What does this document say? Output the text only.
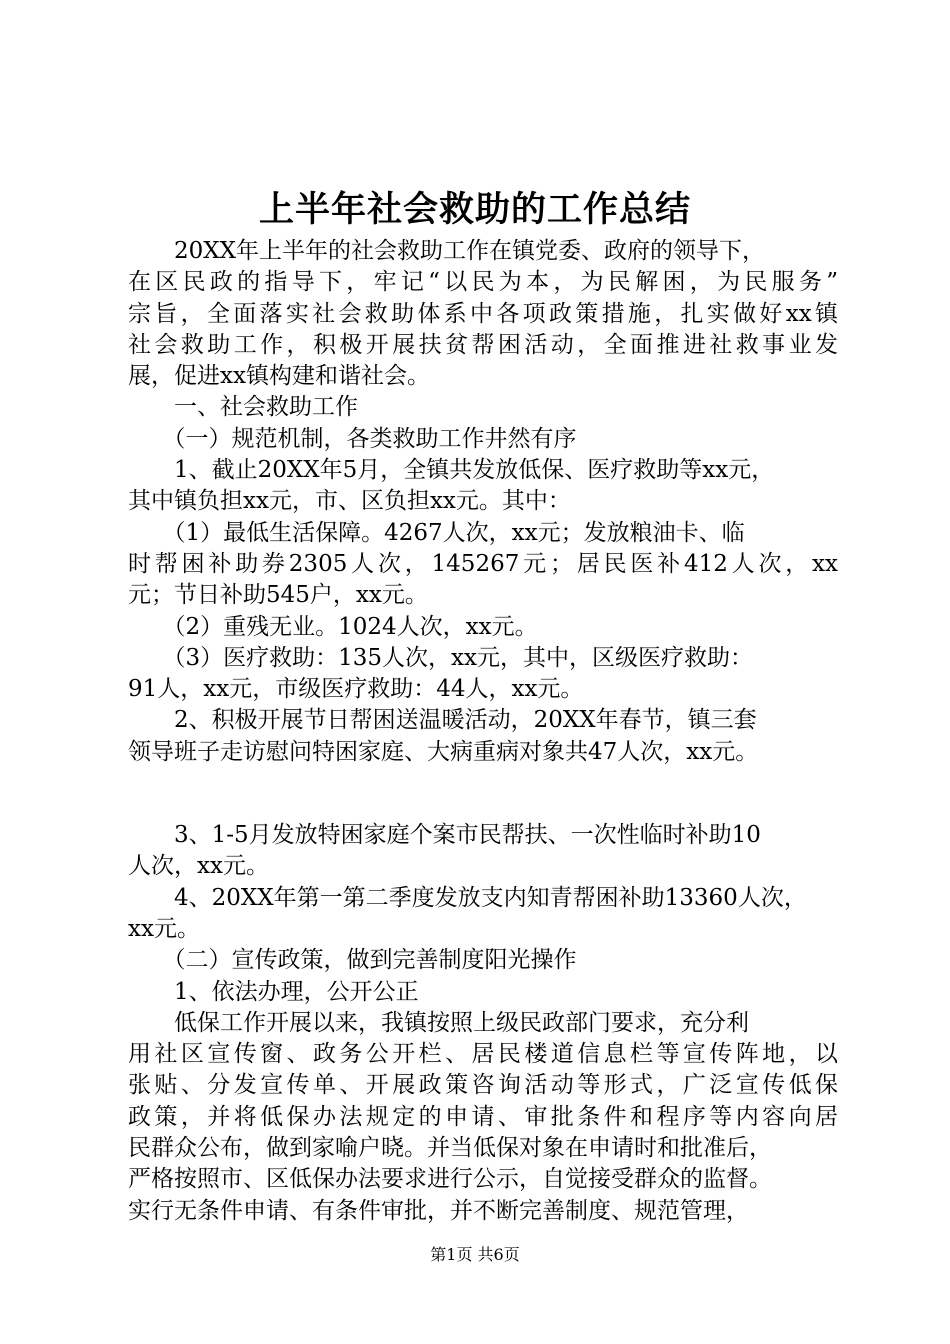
上半年社会救助的工作总结
　　20XX年上半年的社会救助工作在镇党委、政府的领导下，
在区民政的指导下，牢记“以民为本，为民解困，为民服务”
宗旨，全面落实社会救助体系中各项政策措施，扎实做好xx镇
社会救助工作，积极开展扶贫帮困活动，全面推进社救事业发
展，促进xx镇构建和谐社会。
　　一、社会救助工作
　　（一）规范机制，各类救助工作井然有序
　　1、截止20XX年5月，全镇共发放低保、医疗救助等xx元，
其中镇负担xx元，市、区负担xx元。其中：
　　（1）最低生活保障。4267人次，xx元；发放粮油卡、临
时帮困补助券2305人次，145267元；居民医补412人次，xx
元；节日补助545户，xx元。
　　（2）重残无业。1024人次，xx元。
　　（3）医疗救助：135人次，xx元，其中，区级医疗救助：
91人，xx元，市级医疗救助：44人，xx元。
　　2、积极开展节日帮困送温暖活动，20XX年春节，镇三套
领导班子走访慰问特困家庭、大病重病对象共47人次，xx元。
　　3、1-5月发放特困家庭个案市民帮扶、一次性临时补助10
人次，xx元。
　　4、20XX年第一第二季度发放支内知青帮困补助13360人次，
xx元。
　　（二）宣传政策，做到完善制度阳光操作
　　1、依法办理，公开公正
　　低保工作开展以来，我镇按照上级民政部门要求，充分利
用社区宣传窗、政务公开栏、居民楼道信息栏等宣传阵地，以
张贴、分发宣传单、开展政策咨询活动等形式，广泛宣传低保
政策，并将低保办法规定的申请、审批条件和程序等内容向居
民群众公布，做到家喻户晓。并当低保对象在申请时和批准后，
严格按照市、区低保办法要求进行公示，自觉接受群众的监督。
实行无条件申请、有条件审批，并不断完善制度、规范管理，
第1页 共6页
